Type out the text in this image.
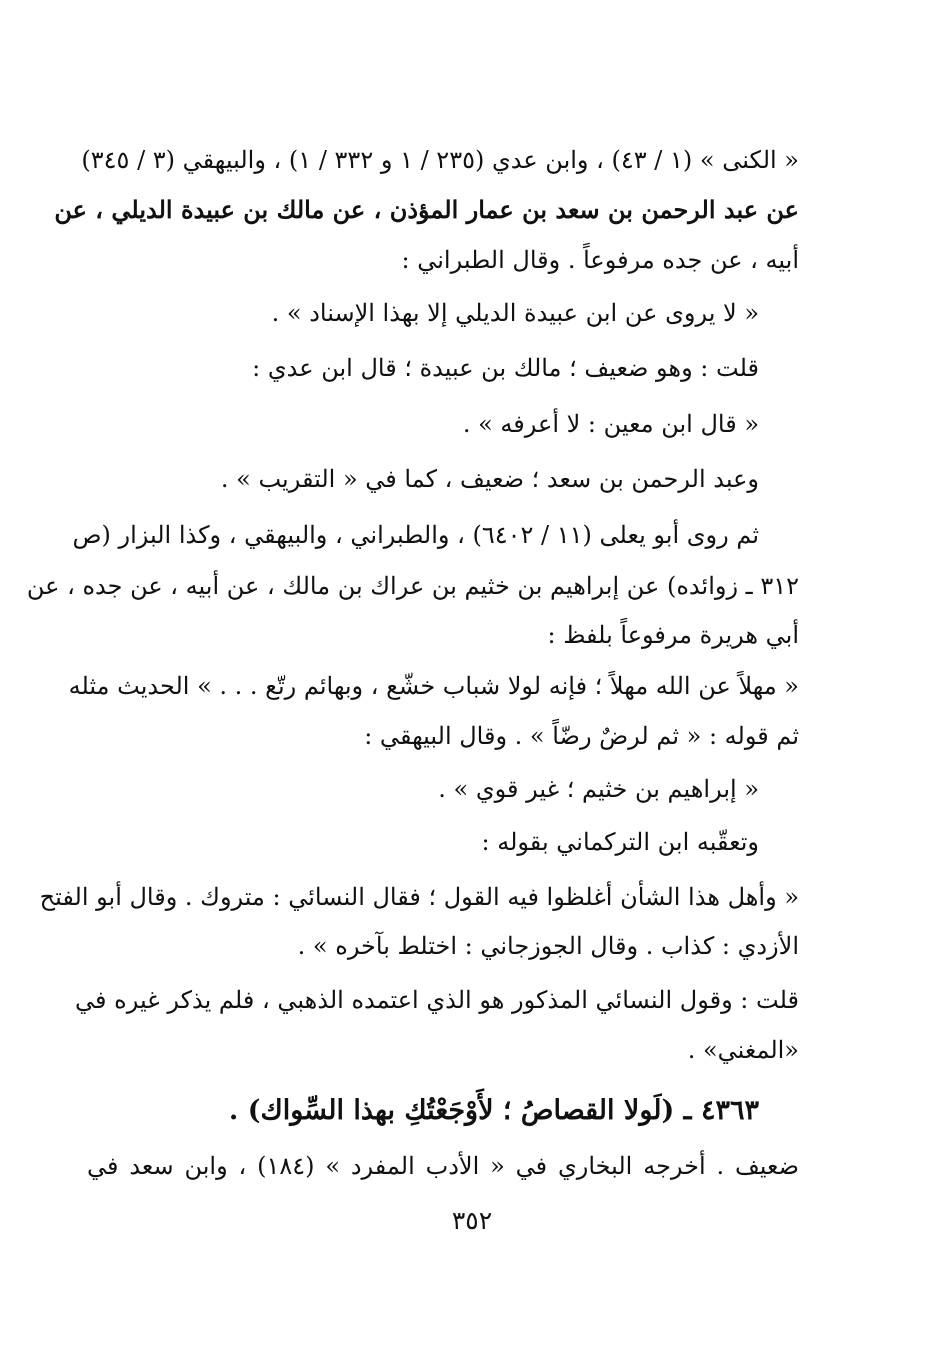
« الكنى » (١ / ٤٣) ، وابن عدي (٢٣٥ / ١ و ٣٣٢ / ١) ، والبيهقي (٣ / ٣٤٥)
عن عبد الرحمن بن سعد بن عمار المؤذن ، عن مالك بن عبيدة الديلي ، عن
أبيه ، عن جده مرفوعاً . وقال الطبراني :
« لا يروى عن ابن عبيدة الديلي إلا بهذا الإسناد » .
قلت : وهو ضعيف ؛ مالك بن عبيدة ؛ قال ابن عدي :
« قال ابن معين : لا أعرفه » .
وعبد الرحمن بن سعد ؛ ضعيف ، كما في « التقريب » .
ثم روى أبو يعلى (١١ / ٦٤٠٢) ، والطبراني ، والبيهقي ، وكذا البزار (ص
٣١٢ ـ زوائده) عن إبراهيم بن خثيم بن عراك بن مالك ، عن أبيه ، عن جده ، عن
أبي هريرة مرفوعاً بلفظ :
« مهلاً عن الله مهلاً ؛ فإنه لولا شباب خشّع ، وبهائم رتّع . . . » الحديث مثله
ثم قوله : « ثم لرضٌ رضّاً » . وقال البيهقي :
« إبراهيم بن خثيم ؛ غير قوي » .
وتعقّبه ابن التركماني بقوله :
« وأهل هذا الشأن أغلظوا فيه القول ؛ فقال النسائي : متروك . وقال أبو الفتح
الأزدي : كذاب . وقال الجوزجاني : اختلط بآخره » .
قلت : وقول النسائي المذكور هو الذي اعتمده الذهبي ، فلم يذكر غيره في
«المغني» .
٤٣٦٣ ـ (لَولا القصاصُ ؛ لأَوْجَعْتُكِ بهذا السِّواك) .
ضعيف . أخرجه البخاري في « الأدب المفرد » (١٨٤) ، وابن سعد في
٣٥٢
